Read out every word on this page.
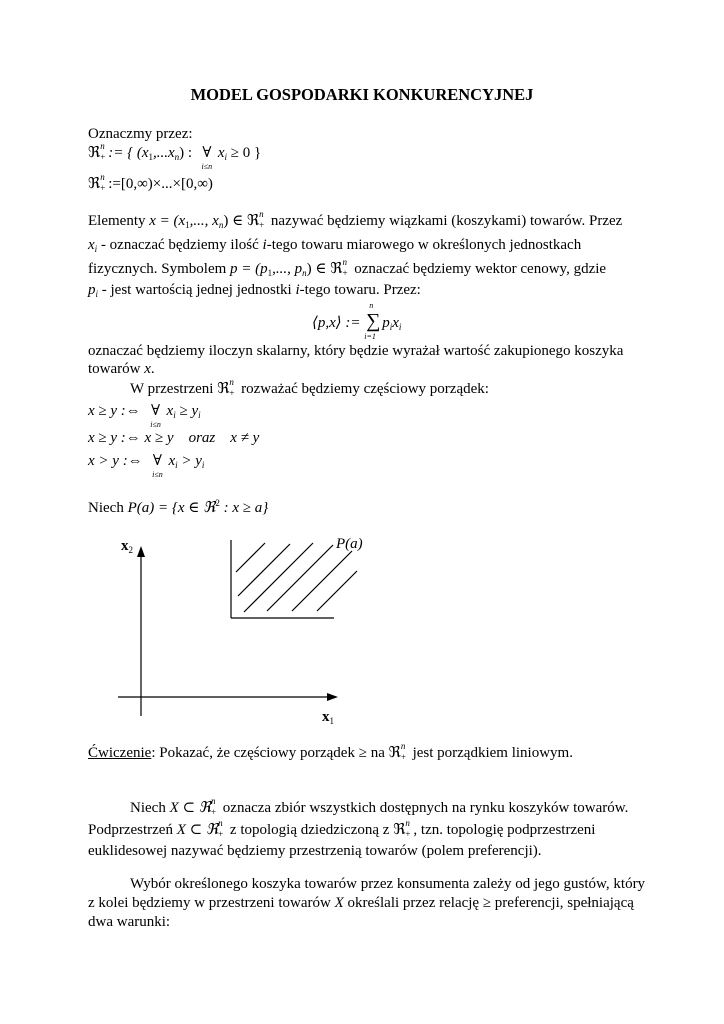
MODEL GOSPODARKI KONKURENCYJNEJ
Oznaczmy przez:
ℜ n
+ := { $(x_1,...x_n)$ : ∀
i≤n
$x_i \ge 0$ }
ℜ n
+ :=[0,∞)×...×[0,∞)
Elementy $x = (x_1$,..., $x_n$) ∈ ℜ n
+ nazywać będziemy wiązkami (koszykami) towarów. Przez
$x_i$ - oznaczać będziemy ilość i-tego towaru miarowego w określonych jednostkach
fizycznych. Symbolem $p = (p_1$,..., $p_n$) ∈ ℜ n
+ oznaczać będziemy wektor cenowy, gdzie
$p_i$ - jest wartością jednej jednostki i-tego towaru. Przez:
⟨p,x⟩ := ∑
n
i=1
$p_ix_i$
oznaczać będziemy iloczyn skalarny, który będzie wyrażał wartość zakupionego koszyka
towarów x.
W przestrzeni ℜ n
+ rozważać będziemy częściowy porządek:
x ≥ y :⇔ ∀
i≤n
$x_i \ge y_i$
x ≥ y :⇔ x ≥ y    oraz    x ≠ y
x > y :⇔ ∀
i≤n
$x_i > y_i$
Niech P(a) = {x ∈ ℜ$^2$ : x ≥ a}
$x_2$
$x_1$
P(a)
Ćwiczenie: Pokazać, że częściowy porządek ≥ na ℜ n
+ jest porządkiem liniowym.
Niech X ⊂ ℜ n
+ oznacza zbiór wszystkich dostępnych na rynku koszyków towarów.
Podprzestrzeń X ⊂ ℜ n
+ z topologią dziedziczoną z ℜ n
+ , tzn. topologię podprzestrzeni
euklidesowej nazywać będziemy przestrzenią towarów (polem preferencji).
Wybór określonego koszyka towarów przez konsumenta zależy od jego gustów, który
z kolei będziemy w przestrzeni towarów X określali przez relację ≥ preferencji, spełniającą
dwa warunki:
